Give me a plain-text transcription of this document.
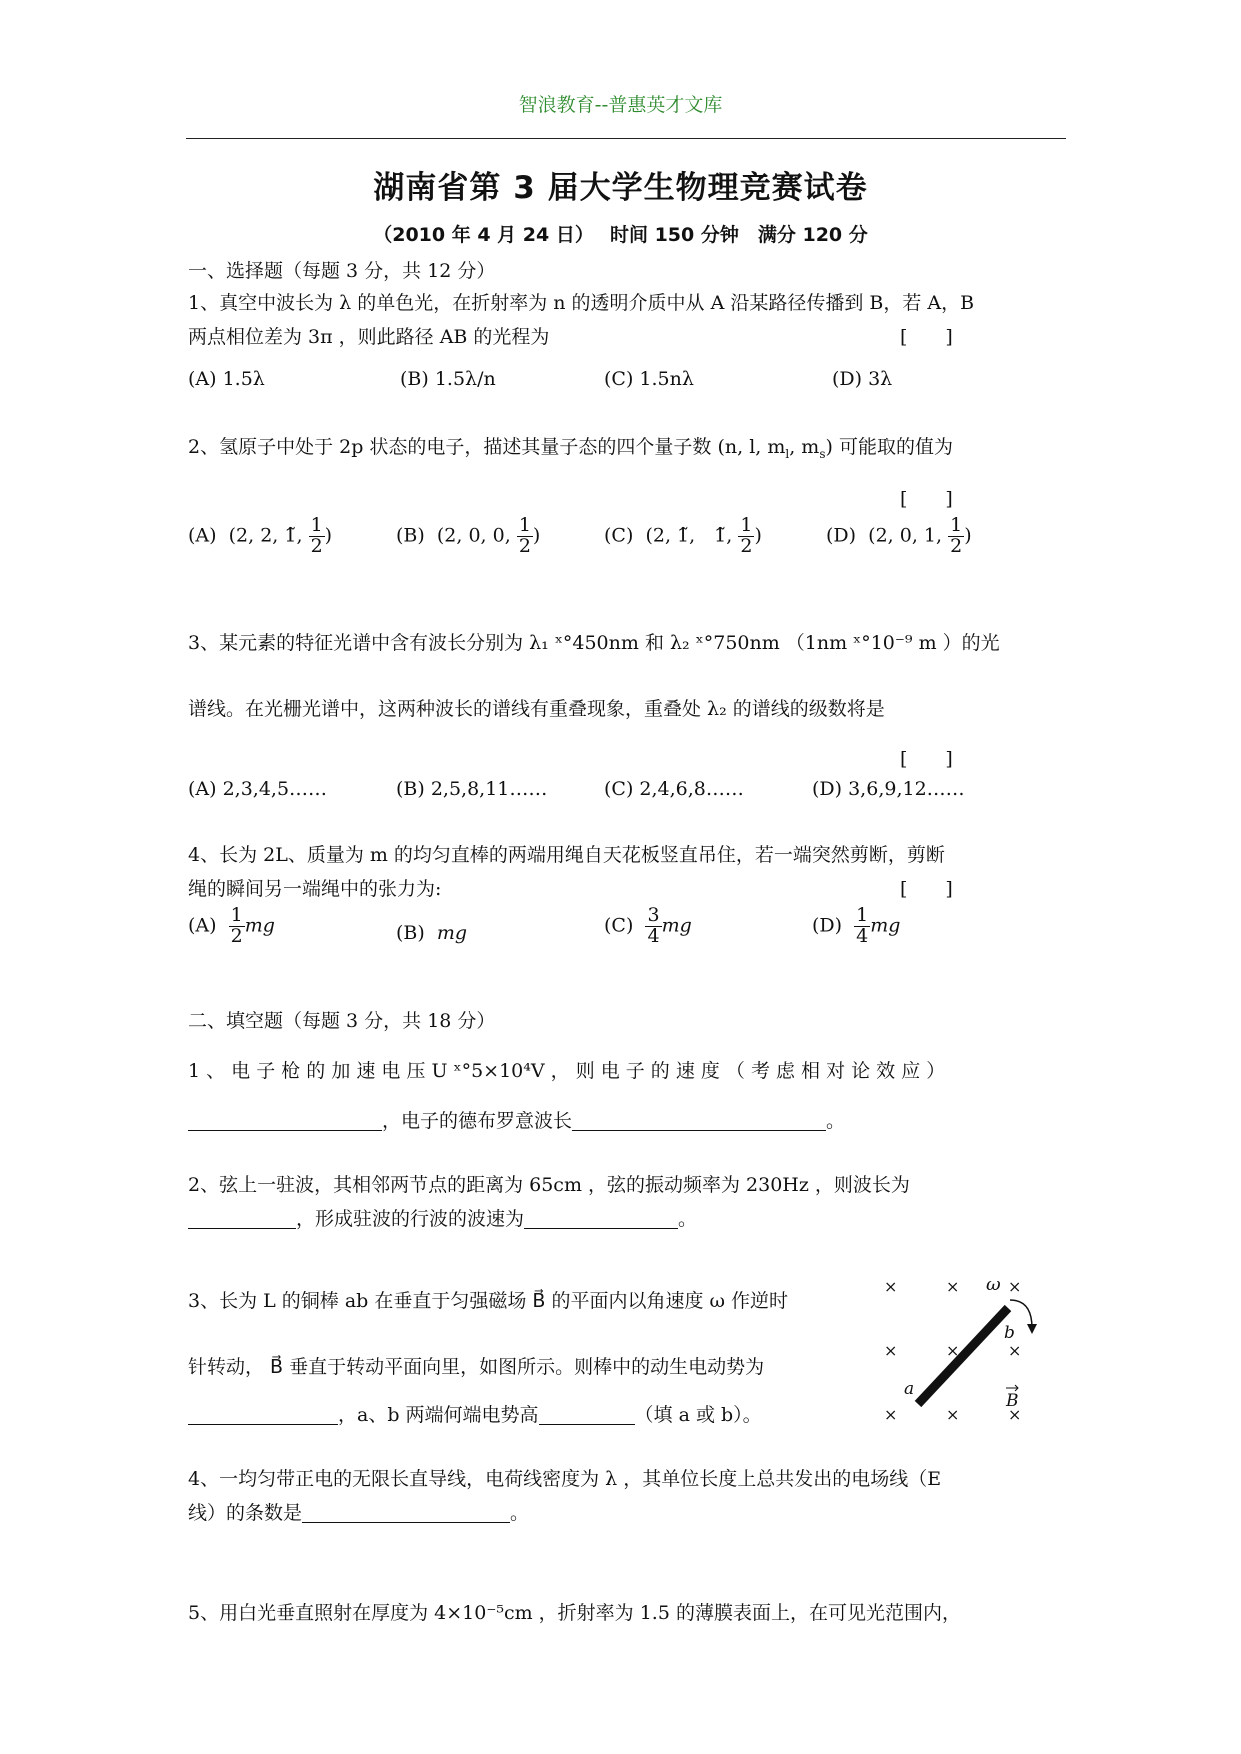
智浪教育--普惠英才文库
湖南省第 3 届大学生物理竞赛试卷
（2010 年 4 月 24 日）　 时间 150 分钟　满分 120 分
一、选择题（每题 3 分，共 12 分）
1、真空中波长为 λ 的单色光，在折射率为 n 的透明介质中从 A 沿某路径传播到 B，若 A，B
两点相位差为 3π ，则此路径 AB 的光程为	[　　]
(A) 1.5λ	(B) 1.5λ/n	(C) 1.5nλ	(D) 3λ
2、氢原子中处于 2p 状态的电子，描述其量子态的四个量子数 (n, l, $m_l$, $m_s$) 可能取的值为
[　　]
(A) (2, 2, 1̃, $\frac{1}{2}$ )	(B) (2, 0, 0, $\frac{1}{2}$ )	(C) (2, 1̃,　1̃, $\frac{1}{2}$ )	(D) (2, 0, 1, $\frac{1}{2}$ )
3、某元素的特征光谱中含有波长分别为 λ₁ ˣ°450nm 和 λ₂ ˣ°750nm （1nm ˣ°10⁻⁹ m ）的光
谱线。在光栅光谱中，这两种波长的谱线有重叠现象，重叠处 λ₂ 的谱线的级数将是
[　　]
(A) 2,3,4,5……	(B) 2,5,8,11……	(C) 2,4,6,8……	(D) 3,6,9,12……
4、长为 2L、质量为 m 的均匀直棒的两端用绳自天花板竖直吊住，若一端突然剪断，剪断
绳的瞬间另一端绳中的张力为:	[　　]
$(A) \frac{1}{2}$ mg	(B) mg	$(C) \frac{3}{4}$ mg	$(D) \frac{1}{4}$ mg
二、填空题（每题 3 分，共 18 分）
1 、 电 子 枪 的 加 速 电 压 U ˣ°5×10⁴V ， 则 电 子 的 速 度 （ 考 虑 相 对 论 效 应 ）
，电子的德布罗意波长	。
2、弦上一驻波，其相邻两节点的距离为 65cm ，弦的振动频率为 230Hz ，则波长为
，形成驻波的行波的波速为	。
3、长为 L 的铜棒 ab 在垂直于匀强磁场 B⃗ 的平面内以角速度 ω 作逆时
针转动， B⃗ 垂直于转动平面向里，如图所示。则棒中的动生电动势为
，a、b 两端何端电势高	（填 a 或 b）。
×	×	×
×	×	×
×	×	×
ω
b
a
B
4、一均匀带正电的无限长直导线，电荷线密度为 λ ，其单位长度上总共发出的电场线（E
线）的条数是	。
5、用白光垂直照射在厚度为 4×10⁻⁵cm ，折射率为 1.5 的薄膜表面上，在可见光范围内，
